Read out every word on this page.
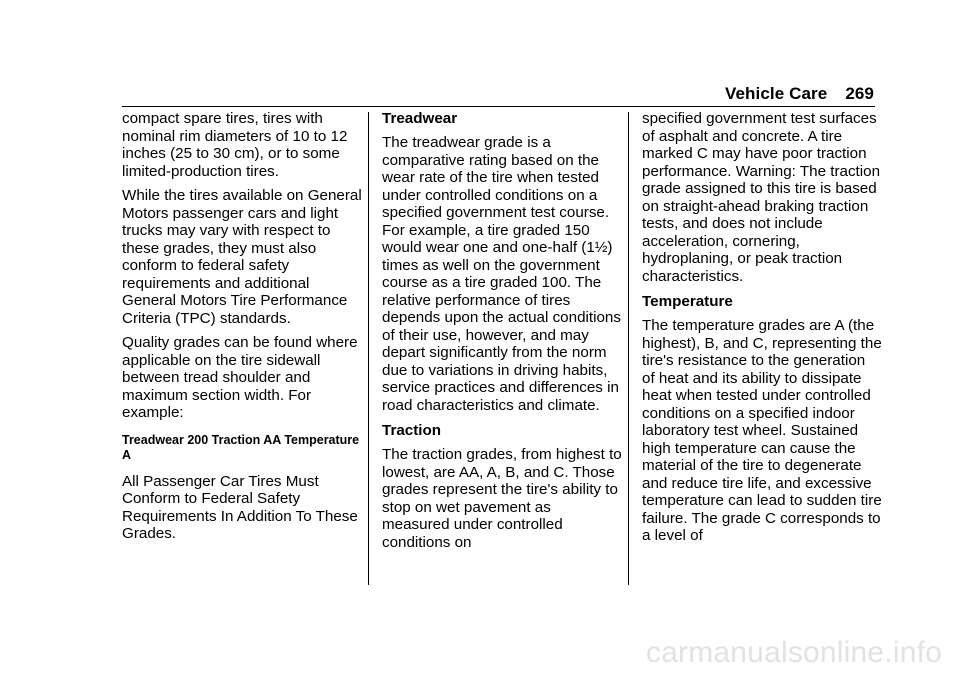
Vehicle Care 269

compact spare tires, tires with nominal rim diameters of 10 to 12 inches (25 to 30 cm), or to some limited-production tires.

While the tires available on General Motors passenger cars and light trucks may vary with respect to these grades, they must also conform to federal safety requirements and additional General Motors Tire Performance Criteria (TPC) standards.

Quality grades can be found where applicable on the tire sidewall between tread shoulder and maximum section width. For example:

Treadwear 200 Traction AA Temperature A

All Passenger Car Tires Must Conform to Federal Safety Requirements In Addition To These Grades.

Treadwear

The treadwear grade is a comparative rating based on the wear rate of the tire when tested under controlled conditions on a specified government test course. For example, a tire graded 150 would wear one and one-half (1½) times as well on the government course as a tire graded 100. The relative performance of tires depends upon the actual conditions of their use, however, and may depart significantly from the norm due to variations in driving habits, service practices and differences in road characteristics and climate.

Traction

The traction grades, from highest to lowest, are AA, A, B, and C. Those grades represent the tire's ability to stop on wet pavement as measured under controlled conditions on

specified government test surfaces of asphalt and concrete. A tire marked C may have poor traction performance. Warning: The traction grade assigned to this tire is based on straight-ahead braking traction tests, and does not include acceleration, cornering, hydroplaning, or peak traction characteristics.

Temperature

The temperature grades are A (the highest), B, and C, representing the tire's resistance to the generation of heat and its ability to dissipate heat when tested under controlled conditions on a specified indoor laboratory test wheel. Sustained high temperature can cause the material of the tire to degenerate and reduce tire life, and excessive temperature can lead to sudden tire failure. The grade C corresponds to a level of

carmanualsonline.info
